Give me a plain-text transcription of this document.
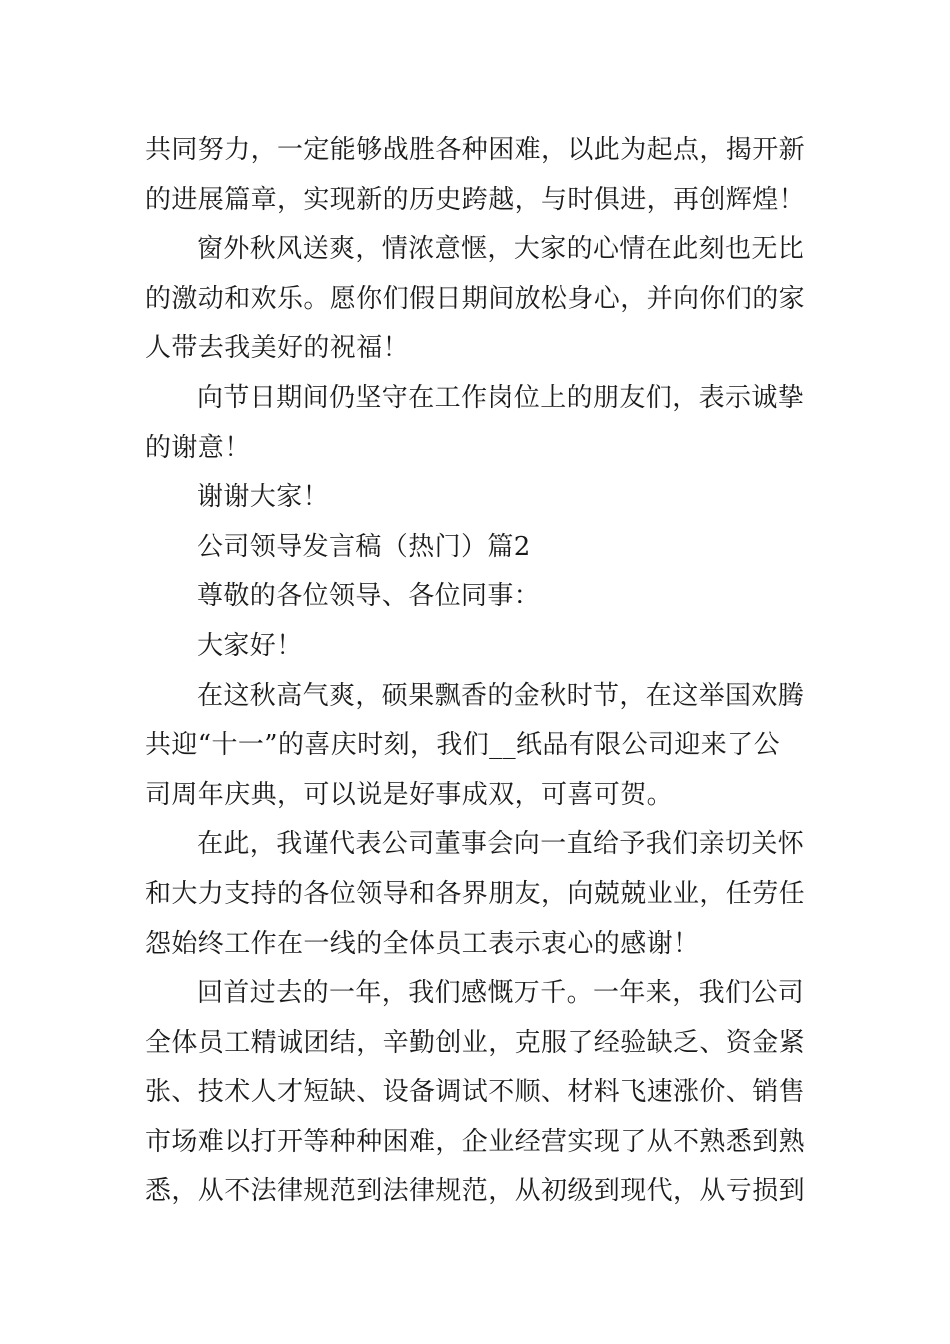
共同努力，一定能够战胜各种困难，以此为起点，揭开新
的进展篇章，实现新的历史跨越，与时俱进，再创辉煌！
窗外秋风送爽，情浓意惬，大家的心情在此刻也无比
的激动和欢乐。愿你们假日期间放松身心，并向你们的家
人带去我美好的祝福！
向节日期间仍坚守在工作岗位上的朋友们，表示诚挚
的谢意！
谢谢大家！
公司领导发言稿（热门）篇2
尊敬的各位领导、各位同事：
大家好！
在这秋高气爽，硕果飘香的金秋时节，在这举国欢腾
共迎“十一”的喜庆时刻，我们__纸品有限公司迎来了公
司周年庆典，可以说是好事成双，可喜可贺。
在此，我谨代表公司董事会向一直给予我们亲切关怀
和大力支持的各位领导和各界朋友，向兢兢业业，任劳任
怨始终工作在一线的全体员工表示衷心的感谢！
回首过去的一年，我们感慨万千。一年来，我们公司
全体员工精诚团结，辛勤创业，克服了经验缺乏、资金紧
张、技术人才短缺、设备调试不顺、材料飞速涨价、销售
市场难以打开等种种困难，企业经营实现了从不熟悉到熟
悉，从不法律规范到法律规范，从初级到现代，从亏损到
